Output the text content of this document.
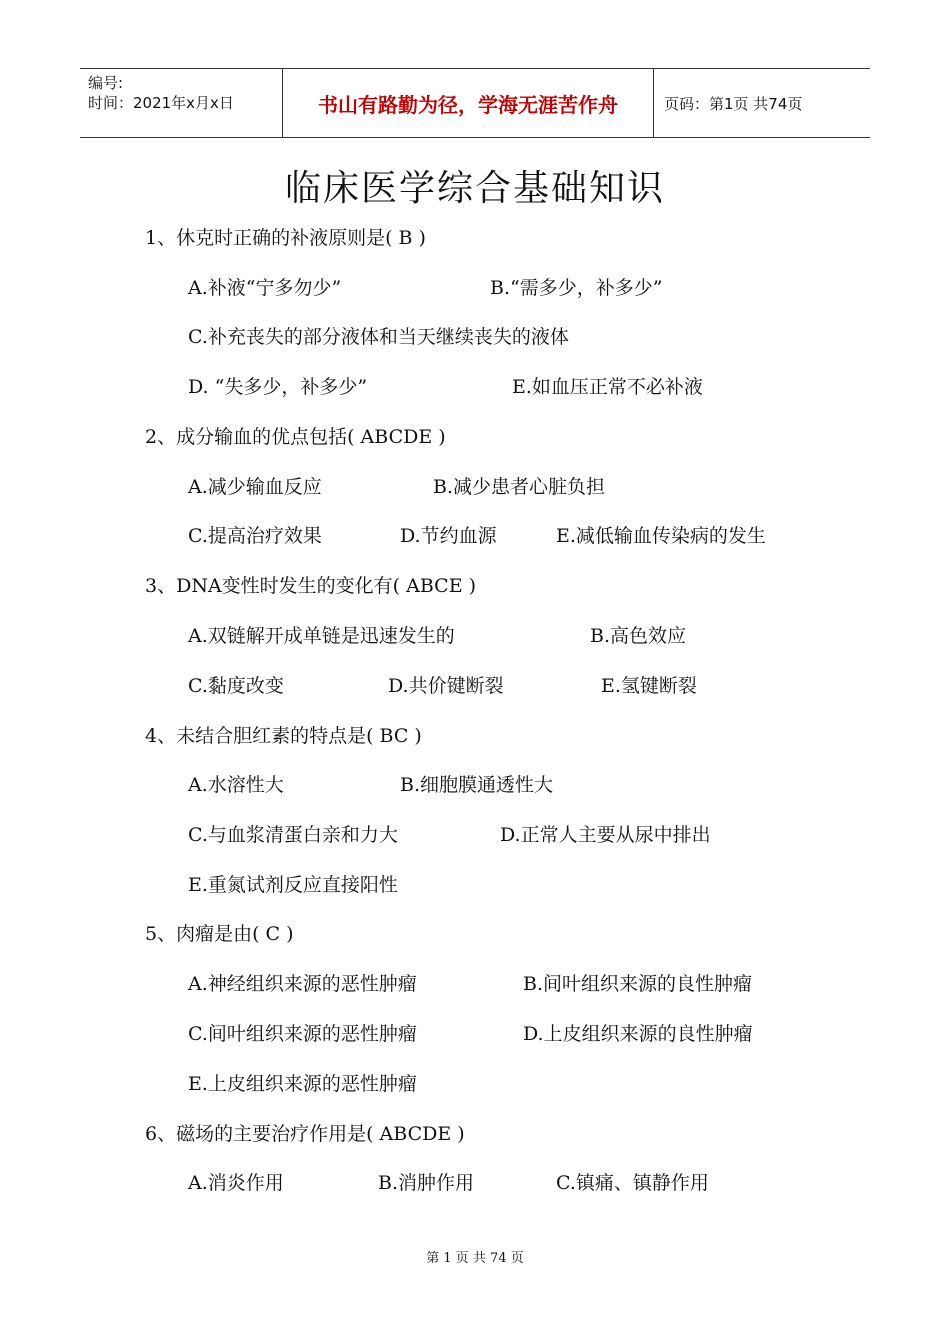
编号:
时间：2021年x月x日	书山有路勤为径，学海无涯苦作舟	页码：第1页 共74页
临床医学综合基础知识
1、休克时正确的补液原则是( B )
A.补液“宁多勿少”	B.“需多少，补多少”
C.补充丧失的部分液体和当天继续丧失的液体
D. “失多少，补多少”	E.如血压正常不必补液
2、成分输血的优点包括( ABCDE )
A.减少输血反应	B.减少患者心脏负担
C.提高治疗效果	D.节约血源	E.减低输血传染病的发生
3、DNA变性时发生的变化有( ABCE )
A.双链解开成单链是迅速发生的	B.高色效应
C.黏度改变	D.共价键断裂	E.氢键断裂
4、未结合胆红素的特点是( BC )
A.水溶性大	B.细胞膜通透性大
C.与血浆清蛋白亲和力大	D.正常人主要从尿中排出
E.重氮试剂反应直接阳性
5、肉瘤是由( C )
A.神经组织来源的恶性肿瘤	B.间叶组织来源的良性肿瘤
C.间叶组织来源的恶性肿瘤	D.上皮组织来源的良性肿瘤
E.上皮组织来源的恶性肿瘤
6、磁场的主要治疗作用是( ABCDE )
A.消炎作用	B.消肿作用	C.镇痛、镇静作用
第 1 页 共 74 页
